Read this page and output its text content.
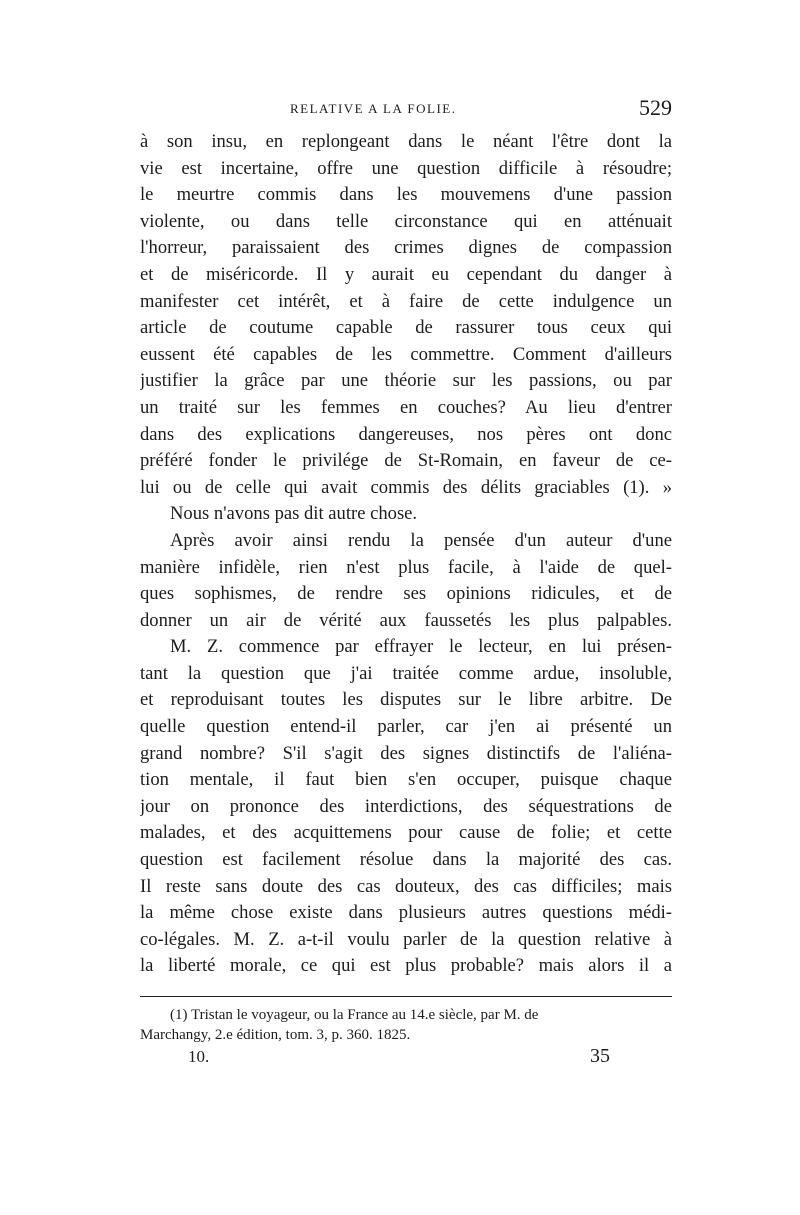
RELATIVE A LA FOLIE.	529
à son insu, en replongeant dans le néant l'être dont la
vie est incertaine, offre une question difficile à résoudre;
le meurtre commis dans les mouvemens d'une passion
violente, ou dans telle circonstance qui en atténuait
l'horreur, paraissaient des crimes dignes de compassion
et de miséricorde. Il y aurait eu cependant du danger à
manifester cet intérêt, et à faire de cette indulgence un
article de coutume capable de rassurer tous ceux qui
eussent été capables de les commettre. Comment d'ailleurs
justifier la grâce par une théorie sur les passions, ou par
un traité sur les femmes en couches? Au lieu d'entrer
dans des explications dangereuses, nos pères ont donc
préféré fonder le privilége de St-Romain, en faveur de ce-
lui ou de celle qui avait commis des délits graciables (1). »
Nous n'avons pas dit autre chose.
Après avoir ainsi rendu la pensée d'un auteur d'une
manière infidèle, rien n'est plus facile, à l'aide de quel-
ques sophismes, de rendre ses opinions ridicules, et de
donner un air de vérité aux faussetés les plus palpables.
M. Z. commence par effrayer le lecteur, en lui présen-
tant la question que j'ai traitée comme ardue, insoluble,
et reproduisant toutes les disputes sur le libre arbitre. De
quelle question entend-il parler, car j'en ai présenté un
grand nombre? S'il s'agit des signes distinctifs de l'aliéna-
tion mentale, il faut bien s'en occuper, puisque chaque
jour on prononce des interdictions, des séquestrations de
malades, et des acquittemens pour cause de folie; et cette
question est facilement résolue dans la majorité des cas.
Il reste sans doute des cas douteux, des cas difficiles; mais
la même chose existe dans plusieurs autres questions médi-
co-légales. M. Z. a-t-il voulu parler de la question relative à
la liberté morale, ce qui est plus probable? mais alors il a
(1) Tristan le voyageur, ou la France au 14.e siècle, par M. de
Marchangy, 2.e édition, tom. 3, p. 360. 1825.
10.	35
